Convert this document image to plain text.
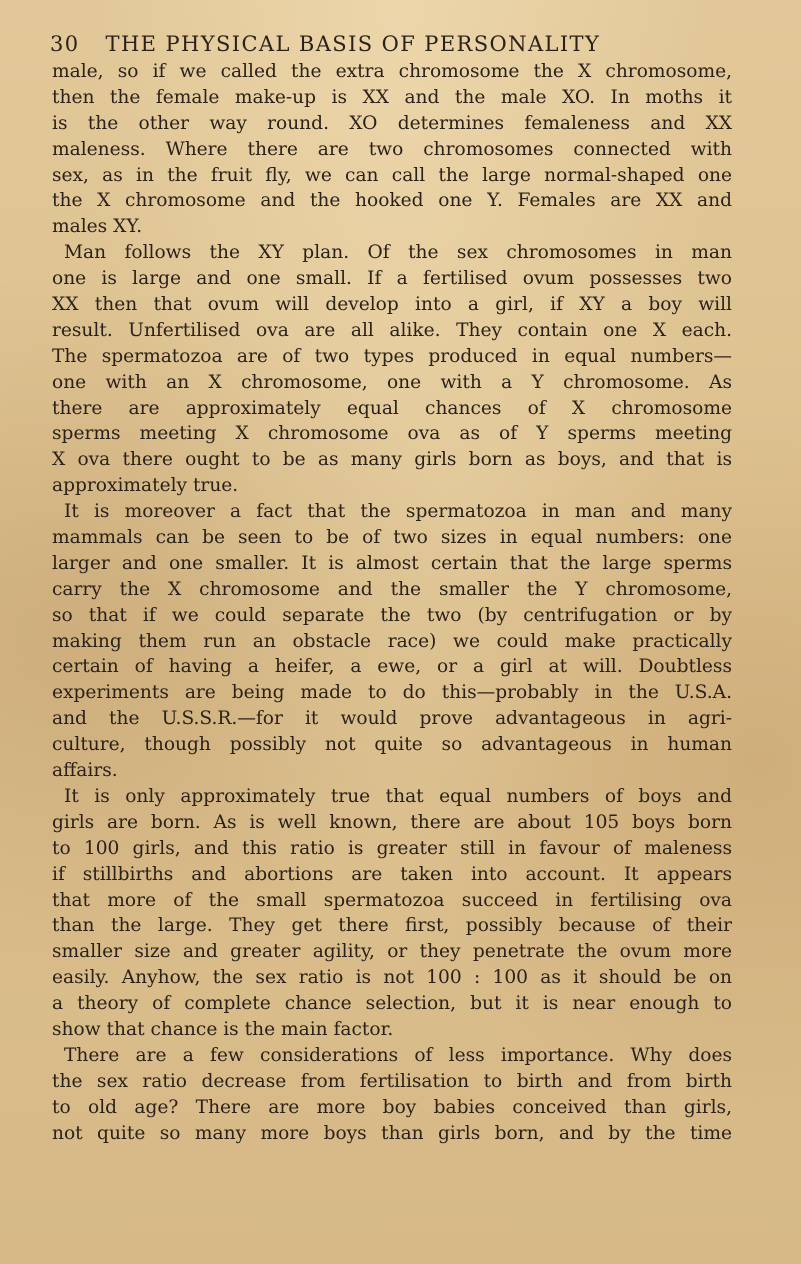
30 THE PHYSICAL BASIS OF PERSONALITY
male, so if we called the extra chromosome the X chromosome,
then the female make-up is XX and the male XO. In moths it
is the other way round. XO determines femaleness and XX
maleness. Where there are two chromosomes connected with
sex, as in the fruit fly, we can call the large normal-shaped one
the X chromosome and the hooked one Y. Females are XX and
males XY.
Man follows the XY plan. Of the sex chromosomes in man
one is large and one small. If a fertilised ovum possesses two
XX then that ovum will develop into a girl, if XY a boy will
result. Unfertilised ova are all alike. They contain one X each.
The spermatozoa are of two types produced in equal numbers—
one with an X chromosome, one with a Y chromosome. As
there are approximately equal chances of X chromosome
sperms meeting X chromosome ova as of Y sperms meeting
X ova there ought to be as many girls born as boys, and that is
approximately true.
It is moreover a fact that the spermatozoa in man and many
mammals can be seen to be of two sizes in equal numbers: one
larger and one smaller. It is almost certain that the large sperms
carry the X chromosome and the smaller the Y chromosome,
so that if we could separate the two (by centrifugation or by
making them run an obstacle race) we could make practically
certain of having a heifer, a ewe, or a girl at will. Doubtless
experiments are being made to do this—probably in the U.S.A.
and the U.S.S.R.—for it would prove advantageous in agri-
culture, though possibly not quite so advantageous in human
affairs.
It is only approximately true that equal numbers of boys and
girls are born. As is well known, there are about 105 boys born
to 100 girls, and this ratio is greater still in favour of maleness
if stillbirths and abortions are taken into account. It appears
that more of the small spermatozoa succeed in fertilising ova
than the large. They get there first, possibly because of their
smaller size and greater agility, or they penetrate the ovum more
easily. Anyhow, the sex ratio is not 100 : 100 as it should be on
a theory of complete chance selection, but it is near enough to
show that chance is the main factor.
There are a few considerations of less importance. Why does
the sex ratio decrease from fertilisation to birth and from birth
to old age? There are more boy babies conceived than girls,
not quite so many more boys than girls born, and by the time
